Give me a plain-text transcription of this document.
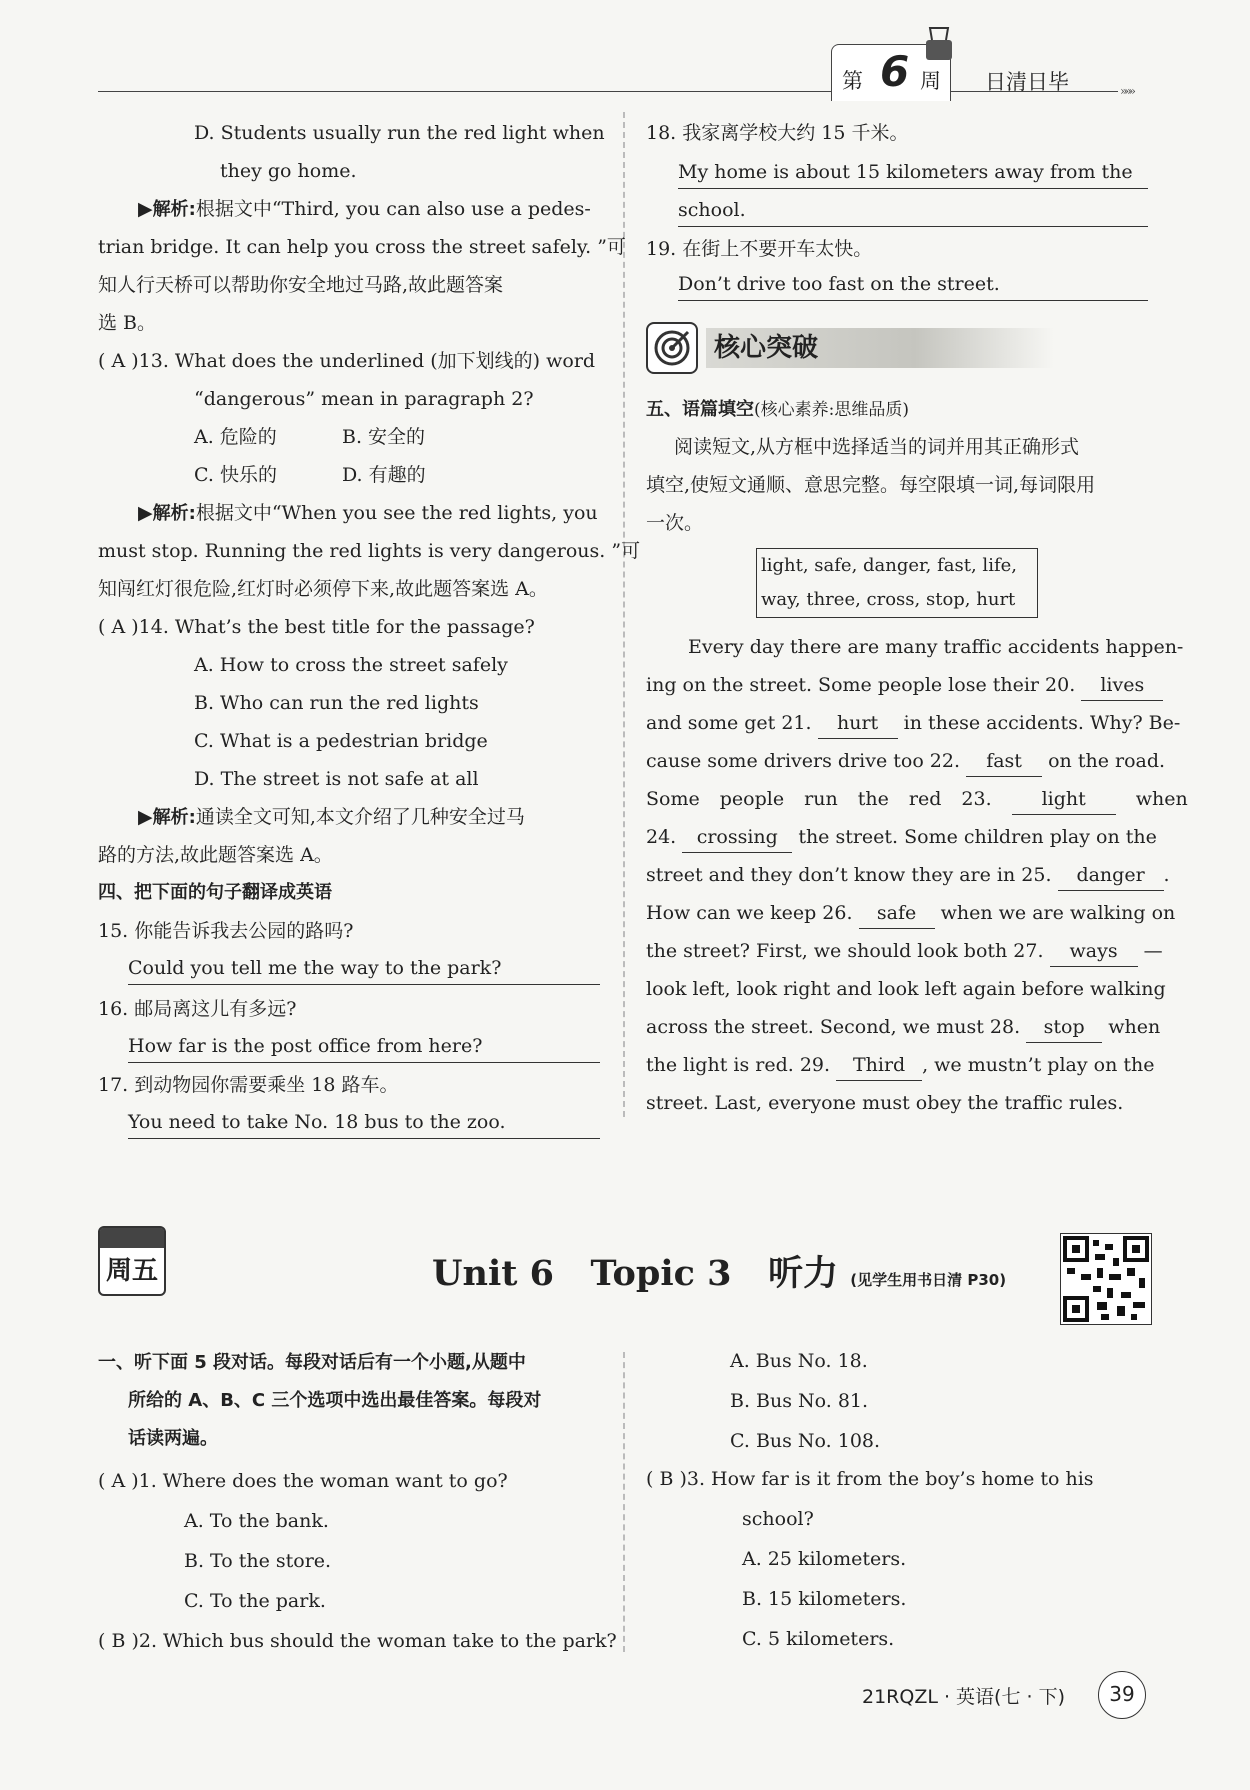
第 6 周 日清日毕	»»»
D. Students usually run the red light when
they go home.
▶解析:根据文中“Third, you can also use a pedes-
trian bridge. It can help you cross the street safely. ”可
知人行天桥可以帮助你安全地过马路,故此题答案
选 B。
( A )13. What does the underlined (加下划线的) word
“dangerous” mean in paragraph 2?
A. 危险的	B. 安全的
C. 快乐的	D. 有趣的
▶解析:根据文中“When you see the red lights, you
must stop. Running the red lights is very dangerous. ”可
知闯红灯很危险,红灯时必须停下来,故此题答案选 A。
( A )14. What’s the best title for the passage?
A. How to cross the street safely
B. Who can run the red lights
C. What is a pedestrian bridge
D. The street is not safe at all
▶解析:通读全文可知,本文介绍了几种安全过马
路的方法,故此题答案选 A。
四、把下面的句子翻译成英语
15. 你能告诉我去公园的路吗?
Could you tell me the way to the park?
16. 邮局离这儿有多远?
How far is the post office from here?
17. 到动物园你需要乘坐 18 路车。
You need to take No. 18 bus to the zoo.
18. 我家离学校大约 15 千米。
My home is about 15 kilometers away from the
school.
19. 在街上不要开车太快。
Don’t drive too fast on the street.
核心突破
五、语篇填空(核心素养:思维品质)
阅读短文,从方框中选择适当的词并用其正确形式
填空,使短文通顺、意思完整。每空限填一词,每词限用
一次。
light, safe, danger, fast, life,
way, three, cross, stop, hurt
Every day there are many traffic accidents happen-
ing on the street. Some people lose their 20. lives
and some get 21. hurt in these accidents. Why? Be-
cause some drivers drive too 22. fast on the road.
Some people run the red 23.	light	when
24. crossing the street. Some children play on the
street and they don’t know they are in 25. danger .
How can we keep 26. safe when we are walking on
the street? First, we should look both 27. ways —
look left, look right and look left again before walking
across the street. Second, we must 28. stop when
the light is red. 29. Third , we mustn’t play on the
street. Last, everyone must obey the traffic rules.
周五	Unit 6   Topic 3   听力 (见学生用书日清 P30)
一、听下面 5 段对话。每段对话后有一个小题,从题中
所给的 A、B、C 三个选项中选出最佳答案。每段对
话读两遍。
( A )1. Where does the woman want to go?
A. To the bank.
B. To the store.
C. To the park.
( B )2. Which bus should the woman take to the park?
A. Bus No. 18.
B. Bus No. 81.
C. Bus No. 108.
( B )3. How far is it from the boy’s home to his
school?
A. 25 kilometers.
B. 15 kilometers.
C. 5 kilometers.
21RQZL · 英语(七 · 下)	39
